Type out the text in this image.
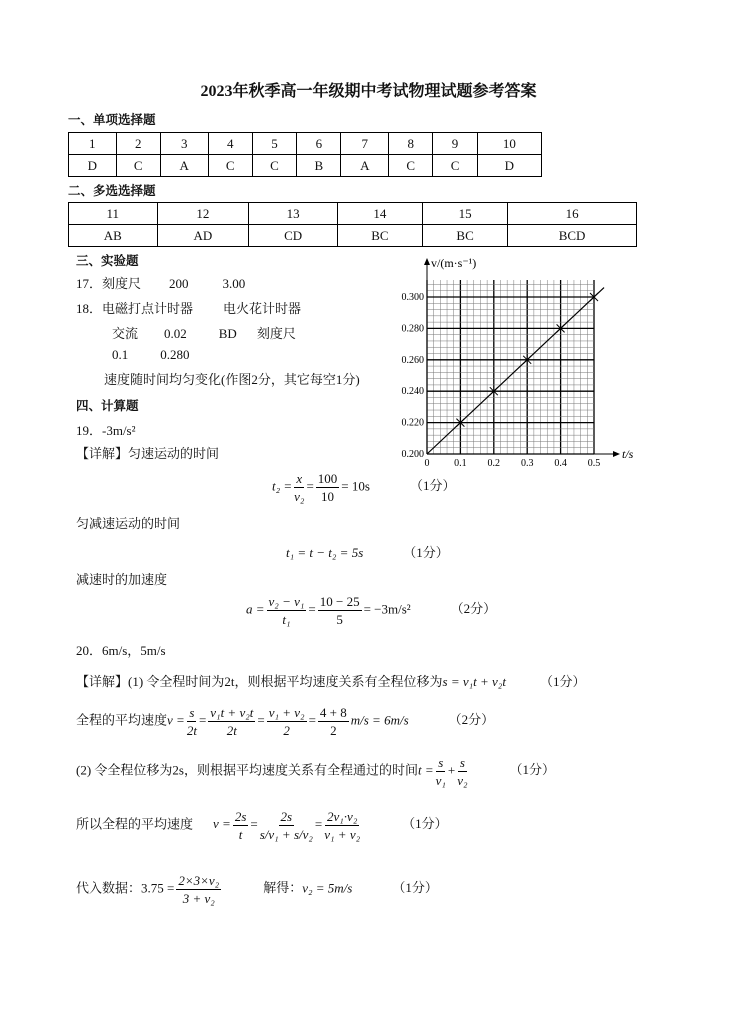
2023年秋季高一年级期中考试物理试题参考答案
一、单项选择题
1	2	3	4	5	6	7	8	9	10
D	C	A	C	C	B	A	C	C	D
二、多选选择题
11	12	13	14	15	16
AB	AD	CD	BC	BC	BCD
三、实验题
17．刻度尺 200	3.00
18．电磁打点计时器 电火花计时器
交流 0.02 BD 刻度尺
0.1 0.280
速度随时间均匀变化(作图2分，其它每空1分)
0 0.1 0.2 0.3 0.4 0.5
0.200
0.220
0.240
0.260
0.280
0.300
t/s
v/(m·s⁻¹)
四、计算题
19．-3m/s²
【详解】匀速运动的时间
$t_2 = \frac{x}{\text{v₂}} = \frac{100}{10} = 10s$	（1分）
匀减速运动的时间
t₁ = t − t₂ = 5s	（1分）
减速时的加速度
$a = \frac{\text{v₂ − v₁}}{\text{t₁}} = \frac{10 - 25}{5} = -3m/s^2$	（2分）
20．6m/s，5m/s
【详解】(1) 令全程时间为2t，则根据平均速度关系有全程位移为s = v₁t + v₂t	（1分）
全程的平均速度$v = \frac{s}{2t} = \frac{\text{v₁t + v₂t}}{2t} = \frac{\text{v₁ + v₂}}{2} = \frac{4 + 8}{2} m/s = 6m/s$	（2分）
(2) 令全程位移为2s，则根据平均速度关系有全程通过的时间$t = \frac{s}{\text{v₁}} + \frac{s}{\text{v₂}}$	（1分）
所以全程的平均速度 $v = \frac{2s}{t} = \frac{2s}{\text{s/v₁ + s/v₂}} = \frac{\text{2v₁·v₂}}{\text{v₁ + v₂}}$	（1分）
代入数据：$3.75 = \frac{\text{2×3×v₂}}{\text{3 + v₂}}$	解得：v₂ = 5m/s	（1分）
